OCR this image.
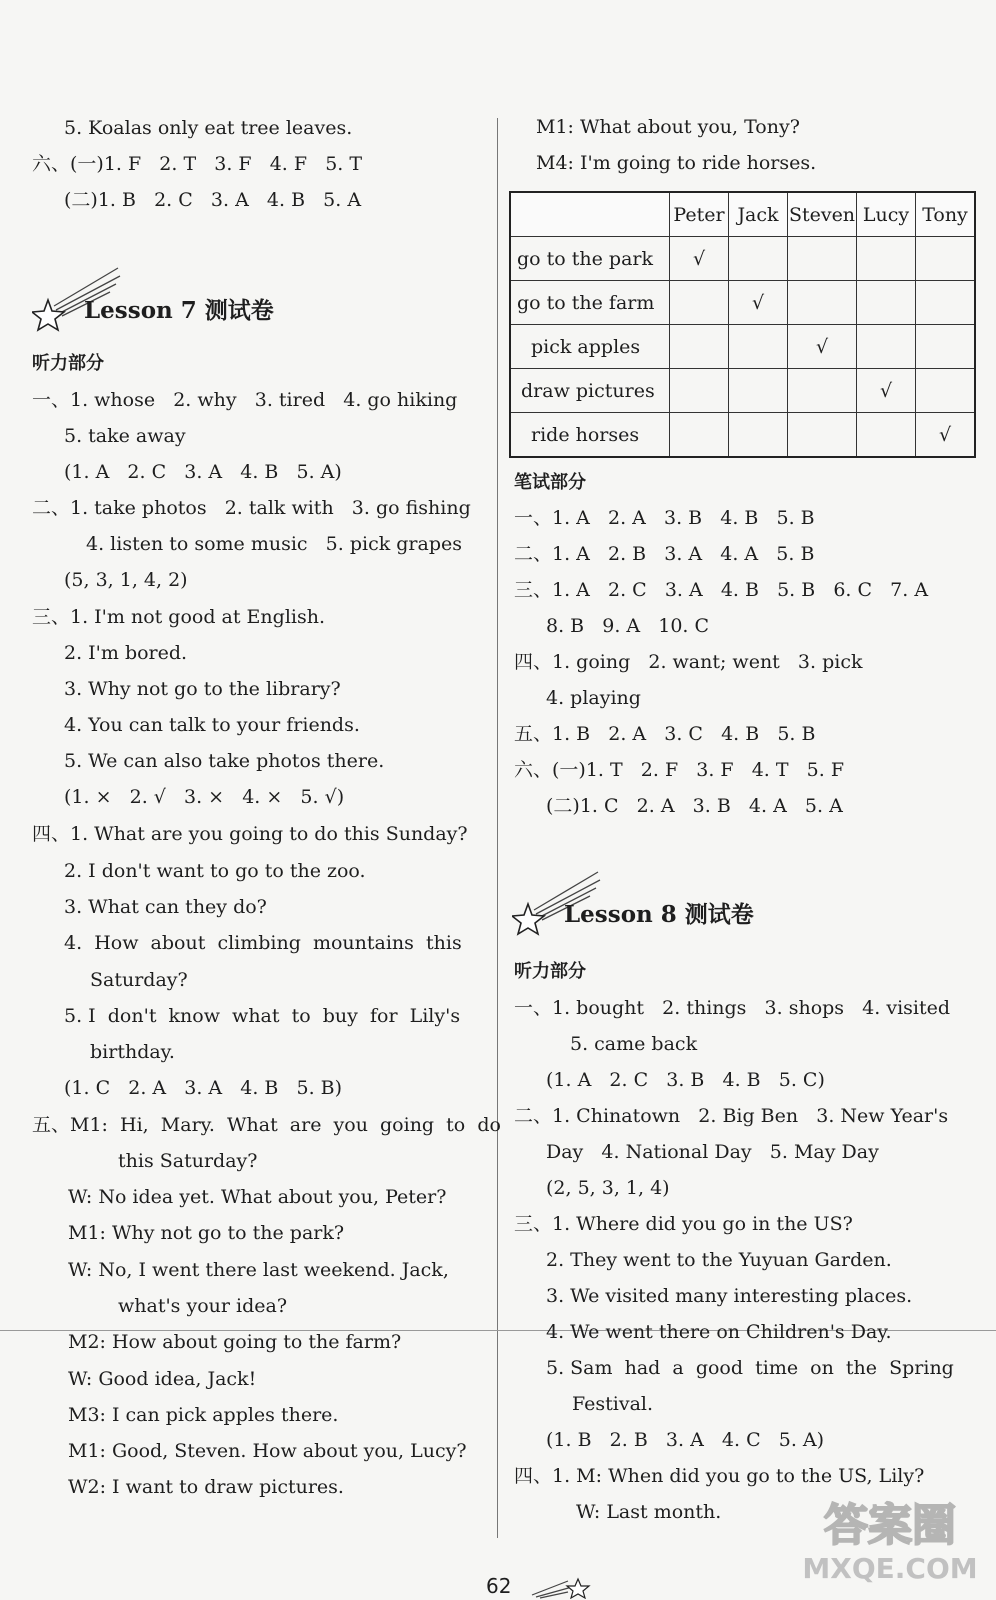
5. Koalas only eat tree leaves.
六、(一)1. F   2. T   3. F   4. F   5. T
(二)1. B   2. C   3. A   4. B   5. A
Lesson 7 测试卷
听力部分
一、1. whose   2. why   3. tired   4. go hiking
5. take away
(1. A   2. C   3. A   4. B   5. A)
二、1. take photos   2. talk with   3. go fishing
4. listen to some music   5. pick grapes
(5, 3, 1, 4, 2)
三、1. I'm not good at English.
2. I'm bored.
3. Why not go to the library?
4. You can talk to your friends.
5. We can also take photos there.
(1. ×   2. √   3. ×   4. ×   5. √)
四、1. What are you going to do this Sunday?
2. I don't want to go to the zoo.
3. What can they do?
4.  How  about  climbing  mountains  this
Saturday?
5. I  don't  know  what  to  buy  for  Lily's
birthday.
(1. C   2. A   3. A   4. B   5. B)
五、M1:  Hi,  Mary.  What  are  you  going  to  do
this Saturday?
W: No idea yet. What about you, Peter?
M1: Why not go to the park?
W: No, I went there last weekend. Jack,
what's your idea?
M2: How about going to the farm?
W: Good idea, Jack!
M3: I can pick apples there.
M1: Good, Steven. How about you, Lucy?
W2: I want to draw pictures.
M1: What about you, Tony?
M4: I'm going to ride horses.
	Peter	Jack	Steven	Lucy	Tony
go to the park	√				
go to the farm		√			
pick apples			√		
draw pictures				√	
ride horses					√
笔试部分
一、1. A   2. A   3. B   4. B   5. B
二、1. A   2. B   3. A   4. A   5. B
三、1. A   2. C   3. A   4. B   5. B   6. C   7. A
8. B   9. A   10. C
四、1. going   2. want; went   3. pick
4. playing
五、1. B   2. A   3. C   4. B   5. B
六、(一)1. T   2. F   3. F   4. T   5. F
(二)1. C   2. A   3. B   4. A   5. A
Lesson 8 测试卷
听力部分
一、1. bought   2. things   3. shops   4. visited
5. came back
(1. A   2. C   3. B   4. B   5. C)
二、1. Chinatown   2. Big Ben   3. New Year's
Day   4. National Day   5. May Day
(2, 5, 3, 1, 4)
三、1. Where did you go in the US?
2. They went to the Yuyuan Garden.
3. We visited many interesting places.
4. We went there on Children's Day.
5. Sam  had  a  good  time  on  the  Spring
Festival.
(1. B   2. B   3. A   4. C   5. A)
四、1. M: When did you go to the US, Lily?
W: Last month.
62
答案圈
MXQE.COM
